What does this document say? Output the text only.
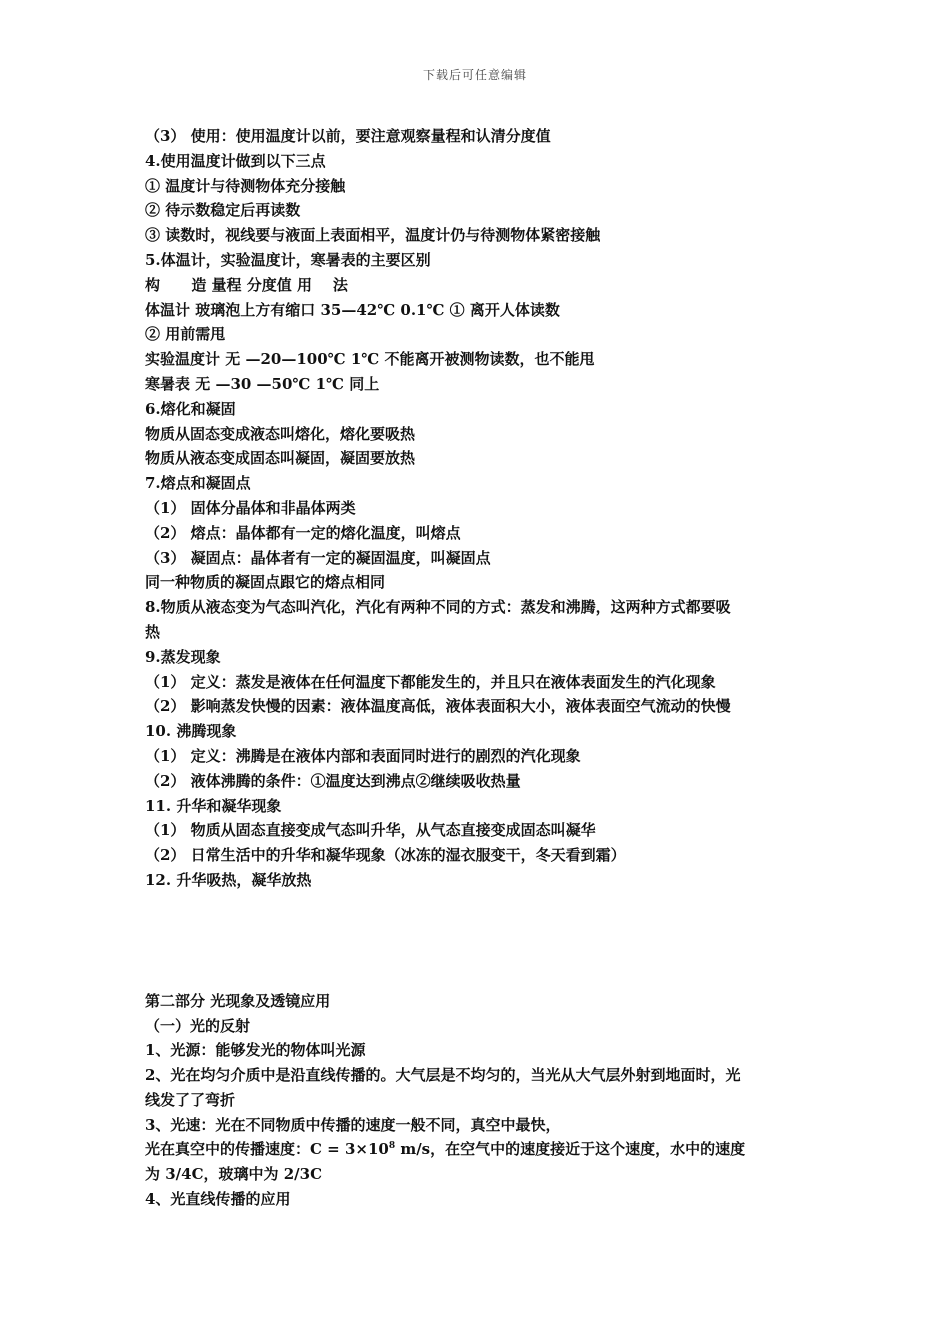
下载后可任意编辑

（3） 使用：使用温度计以前，要注意观察量程和认清分度值

4.使用温度计做到以下三点

① 温度计与待测物体充分接触

② 待示数稳定后再读数

③ 读数时，视线要与液面上表面相平，温度计仍与待测物体紧密接触

5.体温计，实验温度计，寒暑表的主要区别

构      造 量程 分度值 用    法

体温计 玻璃泡上方有缩口 35—42℃ 0.1℃ ① 离开人体读数

② 用前需甩

实验温度计 无 —20—100℃ 1℃ 不能离开被测物读数，也不能甩

寒暑表 无 —30 —50℃ 1℃ 同上

6.熔化和凝固

物质从固态变成液态叫熔化，熔化要吸热

物质从液态变成固态叫凝固，凝固要放热

7.熔点和凝固点

（1） 固体分晶体和非晶体两类

（2） 熔点：晶体都有一定的熔化温度，叫熔点

（3） 凝固点：晶体者有一定的凝固温度，叫凝固点

同一种物质的凝固点跟它的熔点相同

8.物质从液态变为气态叫汽化，汽化有两种不同的方式：蒸发和沸腾，这两种方式都要吸

热

9.蒸发现象

（1） 定义：蒸发是液体在任何温度下都能发生的，并且只在液体表面发生的汽化现象

（2） 影响蒸发快慢的因素：液体温度高低，液体表面积大小，液体表面空气流动的快慢

10. 沸腾现象

（1） 定义：沸腾是在液体内部和表面同时进行的剧烈的汽化现象

（2） 液体沸腾的条件：①温度达到沸点②继续吸收热量

11. 升华和凝华现象

（1） 物质从固态直接变成气态叫升华，从气态直接变成固态叫凝华

（2） 日常生活中的升华和凝华现象（冰冻的湿衣服变干，冬天看到霜）

12. 升华吸热，凝华放热

第二部分 光现象及透镜应用

（一）光的反射

1、光源：能够发光的物体叫光源

2、光在均匀介质中是沿直线传播的。大气层是不均匀的，当光从大气层外射到地面时，光

线发了了弯折

3、光速：光在不同物质中传播的速度一般不同，真空中最快，

光在真空中的传播速度：$C = 3\times 10^8$ m/s，在空气中的速度接近于这个速度，水中的速度

为 3/4C，玻璃中为 2/3C

4、光直线传播的应用
